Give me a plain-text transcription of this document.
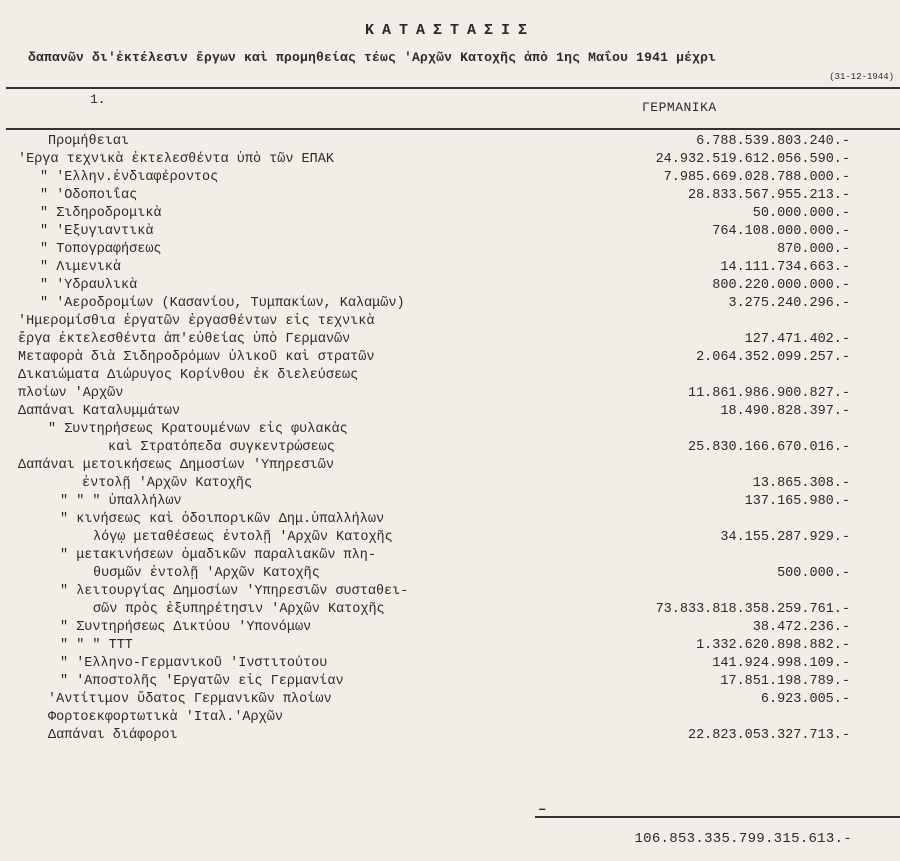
ΚΑΤΑΣΤΑΣΙΣ
δαπανῶν δι'ἐκτέλεσιν ἔργων καὶ προμηθείας τέως 'Αρχῶν Κατοχῆς ἀπὸ 1ης Μαΐου 1941 μέχρι
(31-12-1944)
1.
ΓΕΡΜΑΝΙΚΑ
Προμήθειαι	6.788.539.803.240.-
'Εργα τεχνικὰ ἐκτελεσθέντα ὑπὸ τῶν ΕΠΑΚ	24.932.519.612.056.590.-
" 'Ελλην.ἐνδιαφέροντος	7.985.669.028.788.000.-
" 'Οδοποιΐας	28.833.567.955.213.-
" Σιδηροδρομικὰ	50.000.000.-
" 'Εξυγιαντικὰ	764.108.000.000.-
" Τοπογραφήσεως	870.000.-
" Λιμενικὰ	14.111.734.663.-
" 'Υδραυλικὰ	800.220.000.000.-
" 'Αεροδρομίων (Κασανίου, Τυμπακίων, Καλαμῶν)	3.275.240.296.-
'Ημερομίσθια ἐργατῶν ἐργασθέντων εἰς τεχνικὰ
ἔργα ἐκτελεσθέντα ἀπ'εὐθείας ὑπὸ Γερμανῶν	127.471.402.-
Μεταφορὰ διὰ Σιδηροδρόμων ὑλικοῦ καὶ στρατῶν	2.064.352.099.257.-
Δικαιώματα Διώρυγος Κορίνθου ἐκ διελεύσεως
πλοίων 'Αρχῶν	11.861.986.900.827.-
Δαπάναι Καταλυμμάτων	18.490.828.397.-
" Συντηρήσεως Κρατουμένων εἰς φυλακὰς
καὶ Στρατόπεδα συγκεντρώσεως	25.830.166.670.016.-
Δαπάναι μετοικήσεως Δημοσίων 'Υπηρεσιῶν
ἐντολῇ 'Αρχῶν Κατοχῆς	13.865.308.-
" " " ὑπαλλήλων	137.165.980.-
" κινήσεως καὶ ὁδοιπορικῶν Δημ.ὑπαλλήλων
λόγῳ μεταθέσεως ἐντολῇ 'Αρχῶν Κατοχῆς	34.155.287.929.-
" μετακινήσεων ὁμαδικῶν παραλιακῶν πλη-
θυσμῶν ἐντολῇ 'Αρχῶν Κατοχῆς	500.000.-
" λειτουργίας Δημοσίων 'Υπηρεσιῶν συσταθει-
σῶν πρὸς ἐξυπηρέτησιν 'Αρχῶν Κατοχῆς	73.833.818.358.259.761.-
" Συντηρήσεως Δικτύου 'Υπονόμων	38.472.236.-
" " " ΤΤΤ	1.332.620.898.882.-
" 'Ελληνο-Γερμανικοῦ 'Ινστιτούτου	141.924.998.109.-
" 'Αποστολῆς 'Εργατῶν εἰς Γερμανίαν	17.851.198.789.-
'Αντίτιμον ὕδατος Γερμανικῶν πλοίων	6.923.005.-
Φορτοεκφορτωτικὰ 'Ιταλ.'Αρχῶν
Δαπάναι διάφοροι	22.823.053.327.713.-
–
106.853.335.799.315.613.-
